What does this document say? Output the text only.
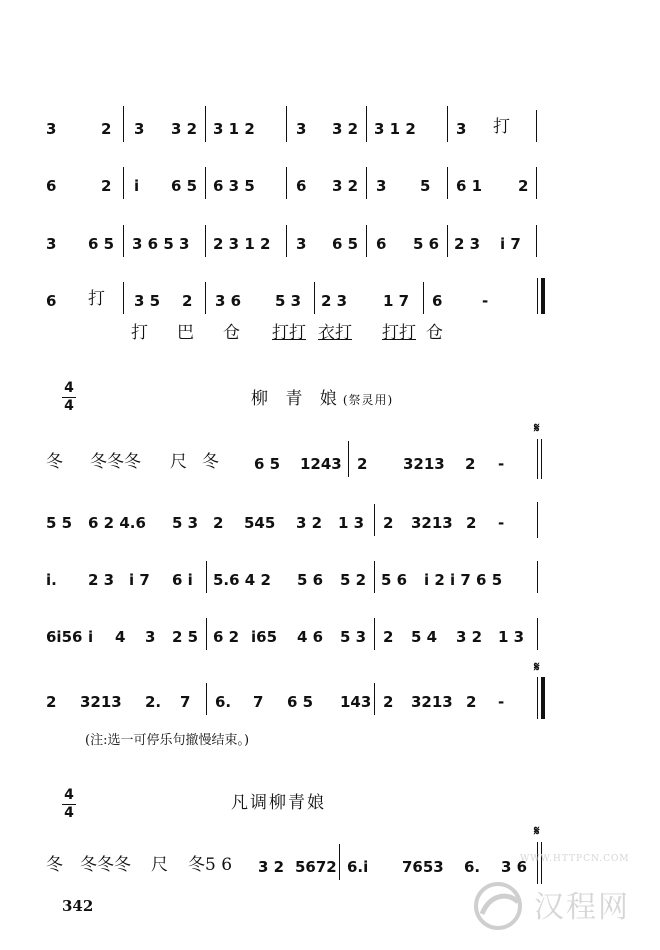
3	2 3 3 2 3 1 2	3 3 2 3 1 2	3 打
6	2 i 6 5 6 3 5	6 3 2 3 5 6 1 2
3 6 5 3 6 5 3 2 3 1 2 3 6 5 6 5 6 2 3 i 7
6 打 3 5 2 3 6 5 3 2 3 1 7 6	-
打 巴 仓 打打 衣打 打打 仓
4
4	柳 青 娘(祭灵用)
𝄋
冬 冬冬冬 尺 冬 6 5 1243 2 3213 2 -
5 5 6 2 4.6 5 3 2 545 3 2 1 3 2 3213 2 -
i. 2 3 i 7 6 i 5.6 4 2 5 6 5 2 5 6 i 2 i 7 6 5
6i56 i 4 3 2 5 6 2 i65 4 6 5 3 2 5 4 3 2 1 3
𝄋
2 3213 2. 7 6. 7 6 5 143 2 3213 2 -
(注:选一可停乐句撤慢结束。)
4
4	凡调柳青娘
𝄋
冬 冬冬冬 尺 冬5 6 3 2 5672 6.i 7653 6. 3 6
342	汉程网
WWW.HTTPCN.COM
